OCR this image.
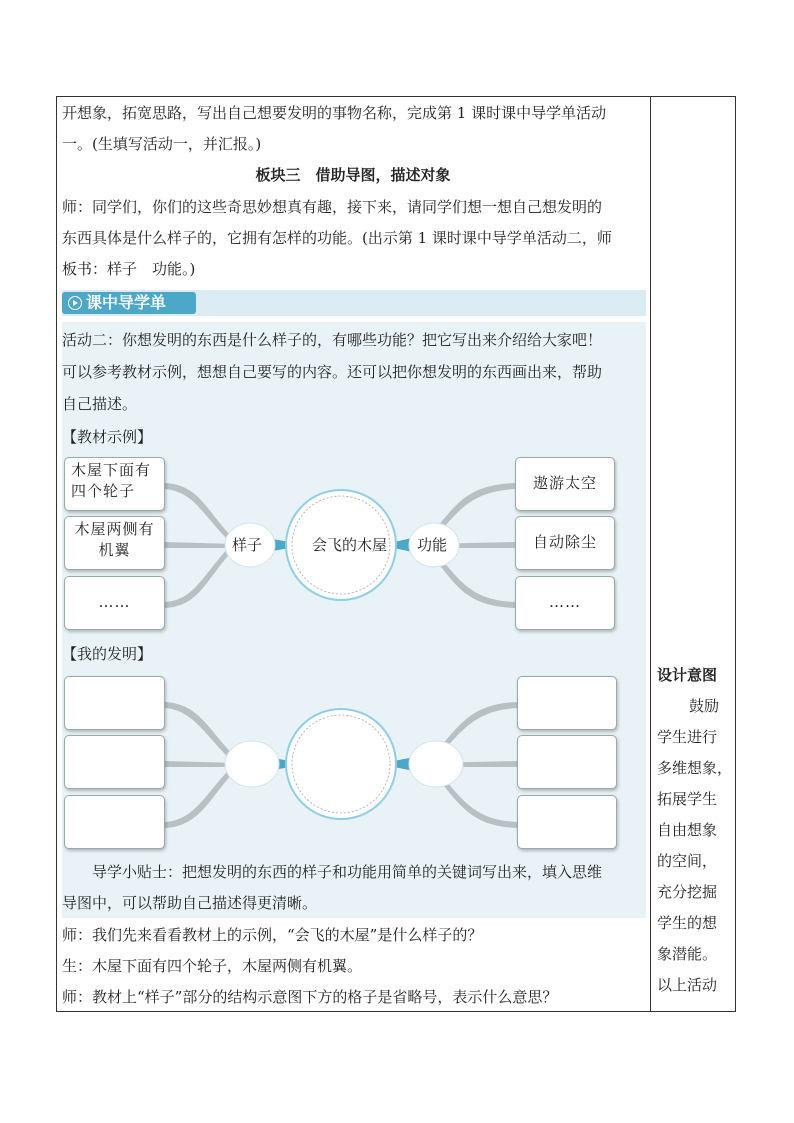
开想象，拓宽思路，写出自己想要发明的事物名称，完成第 1 课时课中导学单活动
一。(生填写活动一，并汇报。)
板块三　借助导图，描述对象
师：同学们，你们的这些奇思妙想真有趣，接下来，请同学们想一想自己想发明的
东西具体是什么样子的，它拥有怎样的功能。(出示第 1 课时课中导学单活动二，师
板书：样子　功能。)
课中导学单
活动二：你想发明的东西是什么样子的，有哪些功能？把它写出来介绍给大家吧！
可以参考教材示例，想想自己要写的内容。还可以把你想发明的东西画出来，帮助
自己描述。
【教材示例】
【我的发明】
会飞的木屋
样子	功能
木屋下面有
四个轮子
木屋两侧有
机翼
……
遨游太空
自动除尘
……
导学小贴士：把想发明的东西的样子和功能用简单的关键词写出来，填入思维
导图中，可以帮助自己描述得更清晰。
师：我们先来看看教材上的示例，“会飞的木屋”是什么样子的？
生：木屋下面有四个轮子，木屋两侧有机翼。
师：教材上“样子”部分的结构示意图下方的格子是省略号，表示什么意思？
设计意图
鼓励
学生进行
多维想象，
拓展学生
自由想象
的空间，
充分挖掘
学生的想
象潜能。
以上活动
